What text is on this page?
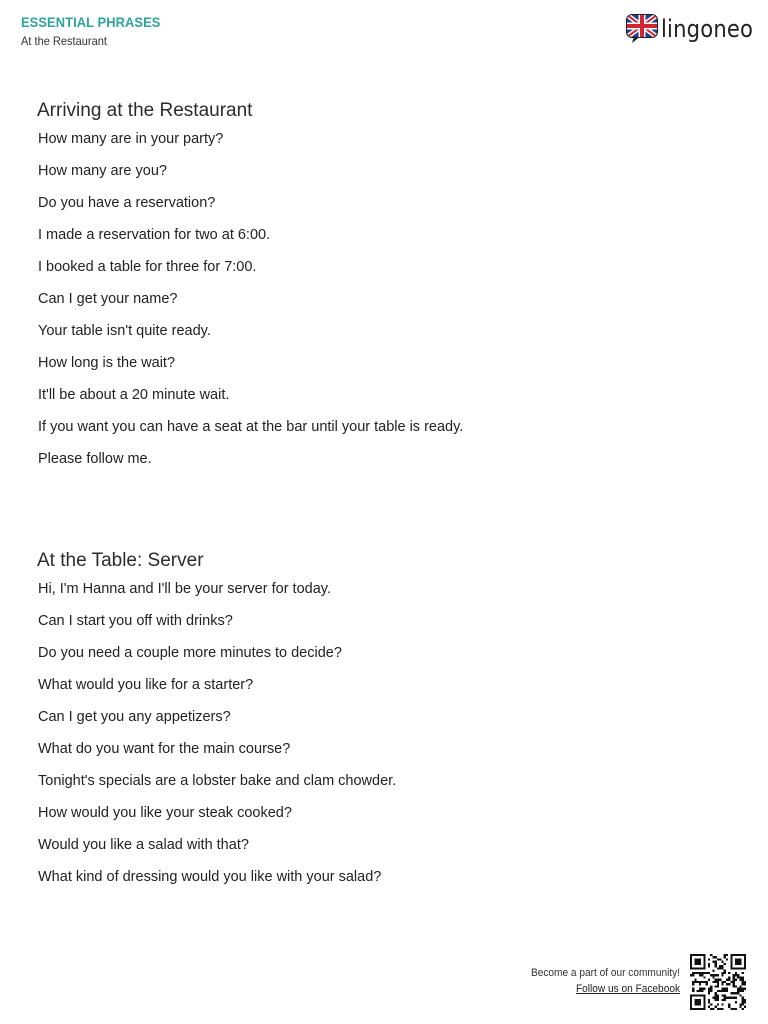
ESSENTIAL PHRASES
At the Restaurant	lingoneo
Arriving at the Restaurant
How many are in your party?
How many are you?
Do you have a reservation?
I made a reservation for two at 6:00.
I booked a table for three for 7:00.
Can I get your name?
Your table isn't quite ready.
How long is the wait?
It'll be about a 20 minute wait.
If you want you can have a seat at the bar until your table is ready.
Please follow me.
At the Table: Server
Hi, I'm Hanna and I'll be your server for today.
Can I start you off with drinks?
Do you need a couple more minutes to decide?
What would you like for a starter?
Can I get you any appetizers?
What do you want for the main course?
Tonight's specials are a lobster bake and clam chowder.
How would you like your steak cooked?
Would you like a salad with that?
What kind of dressing would you like with your salad?
Become a part of our community!
Follow us on Facebook
